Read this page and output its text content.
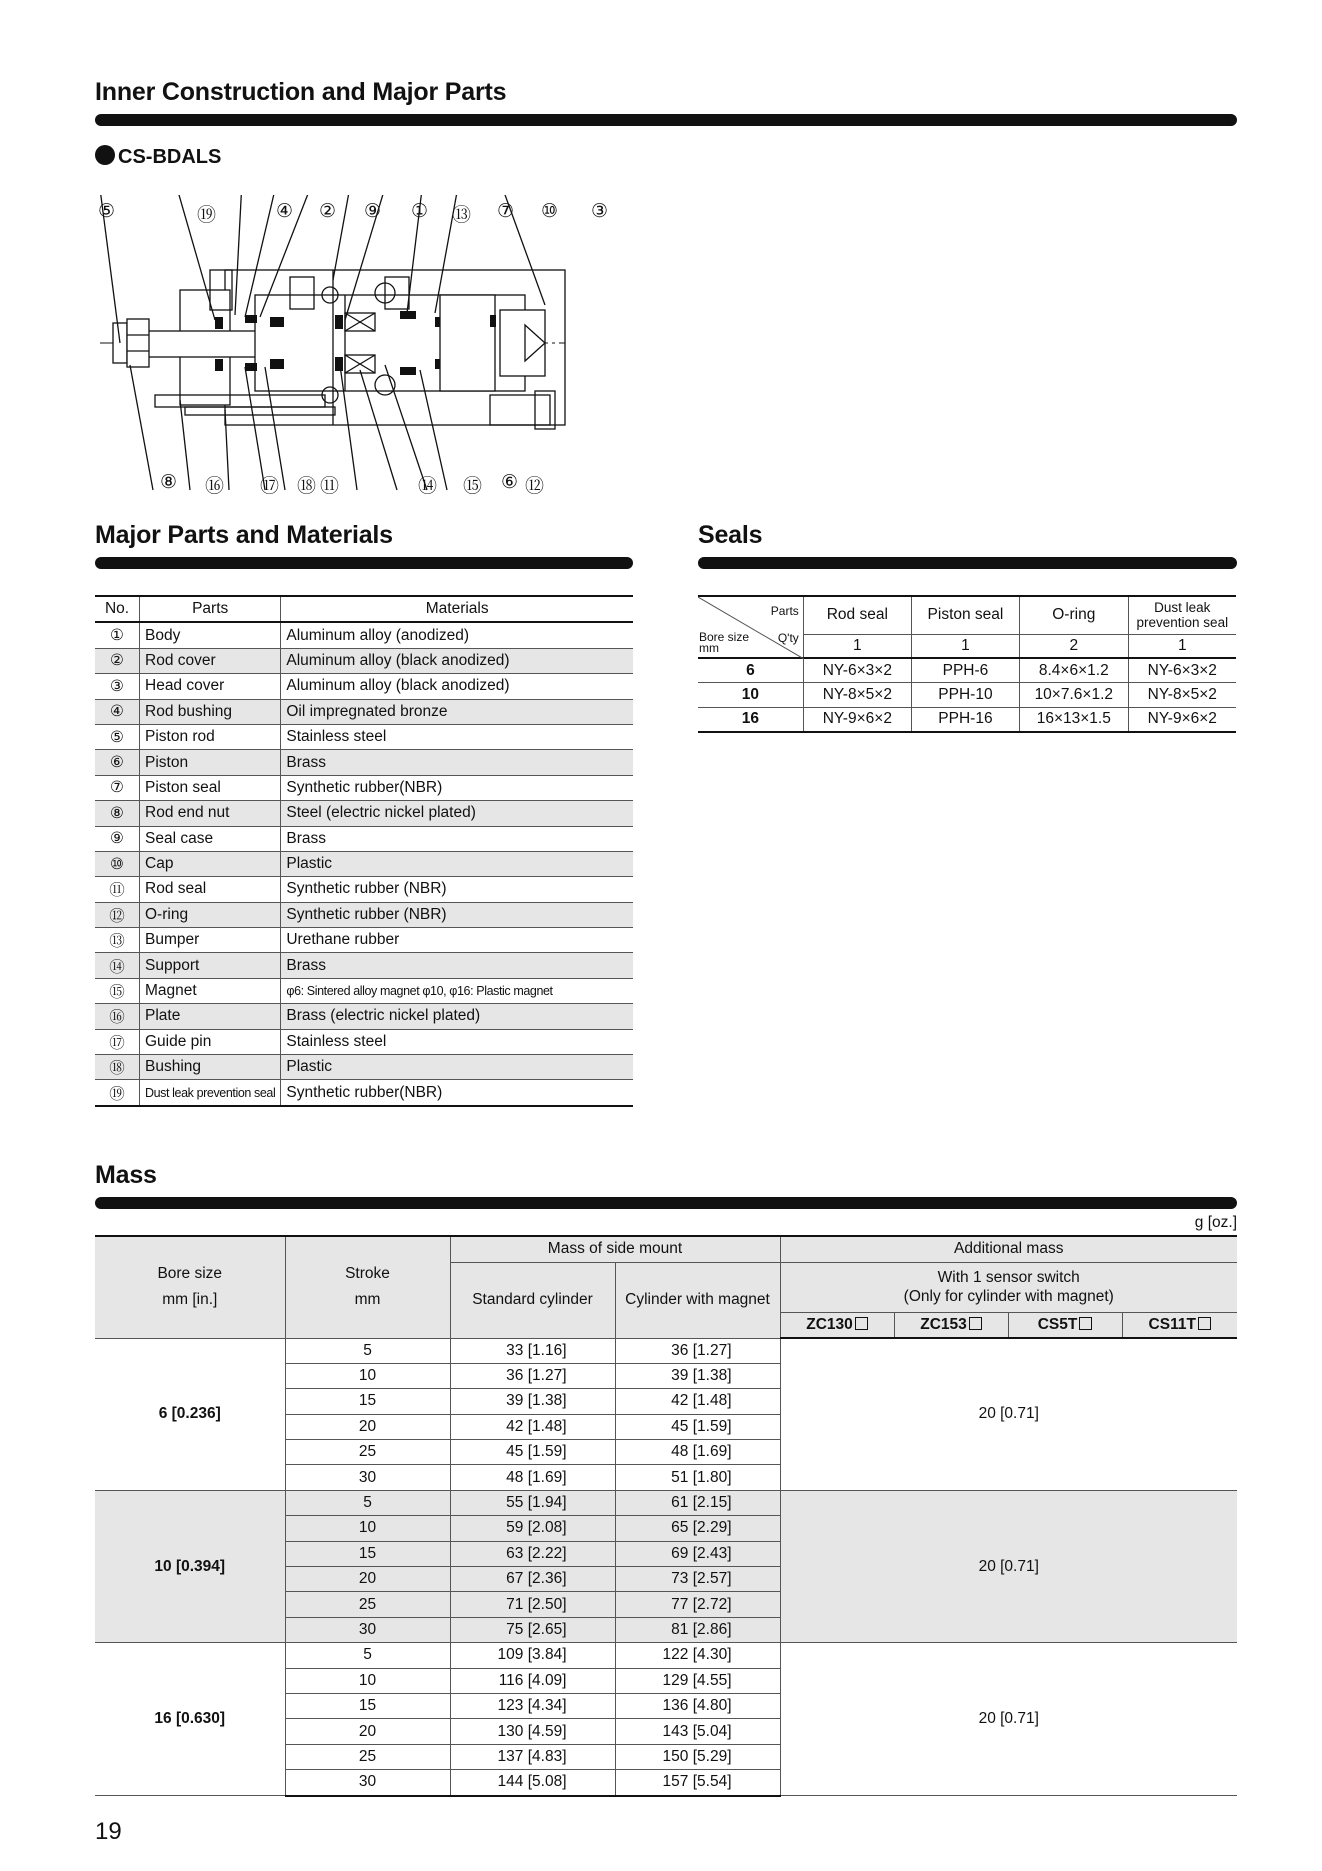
Inner Construction and Major Parts
CS-BDALS
⑤	⑲	④ ② ⑨ ① ⑬ ⑦ ⑩ ③
⑧ ⑯ ⑰ ⑱ ⑪	⑭ ⑮ ⑥ ⑫
Major Parts and Materials
No.	Parts	Materials
①	Body	Aluminum alloy (anodized)
②	Rod cover	Aluminum alloy (black anodized)
③	Head cover	Aluminum alloy (black anodized)
④	Rod bushing	Oil impregnated bronze
⑤	Piston rod	Stainless steel
⑥	Piston	Brass
⑦	Piston seal	Synthetic rubber(NBR)
⑧	Rod end nut	Steel (electric nickel plated)
⑨	Seal case	Brass
⑩	Cap	Plastic
⑪	Rod seal	Synthetic rubber (NBR)
⑫	O-ring	Synthetic rubber (NBR)
⑬	Bumper	Urethane rubber
⑭	Support	Brass
⑮	Magnet	φ6: Sintered alloy magnet φ10, φ16: Plastic magnet
⑯	Plate	Brass (electric nickel plated)
⑰	Guide pin	Stainless steel
⑱	Bushing	Plastic
⑲	Dust leak prevention seal	Synthetic rubber(NBR)
Seals
Parts
Q'ty
Bore size
mm	Rod seal	Piston seal	O-ring	Dust leak prevention seal
	1	1	2	1
6	NY-6×3×2	PPH-6	8.4×6×1.2	NY-6×3×2
10	NY-8×5×2	PPH-10	10×7.6×1.2	NY-8×5×2
16	NY-9×6×2	PPH-16	16×13×1.5	NY-9×6×2
Mass
g [oz.]
Bore size
mm [in.]	Stroke
mm	Mass of side mount		Additional mass			
		Standard cylinder	Cylinder with magnet	With 1 sensor switch
(Only for cylinder with magnet)			
				ZC130	ZC153	CS5T	CS11T
6 [0.236]	5	33 [1.16]	36 [1.27]	20 [0.71]			
	10	36 [1.27]	39 [1.38]				
	15	39 [1.38]	42 [1.48]				
	20	42 [1.48]	45 [1.59]				
	25	45 [1.59]	48 [1.69]				
	30	48 [1.69]	51 [1.80]				
10 [0.394]	5	55 [1.94]	61 [2.15]	20 [0.71]			
	10	59 [2.08]	65 [2.29]				
	15	63 [2.22]	69 [2.43]				
	20	67 [2.36]	73 [2.57]				
	25	71 [2.50]	77 [2.72]				
	30	75 [2.65]	81 [2.86]				
16 [0.630]	5	109 [3.84]	122 [4.30]	20 [0.71]			
	10	116 [4.09]	129 [4.55]				
	15	123 [4.34]	136 [4.80]				
	20	130 [4.59]	143 [5.04]				
	25	137 [4.83]	150 [5.29]				
	30	144 [5.08]	157 [5.54]				
19
